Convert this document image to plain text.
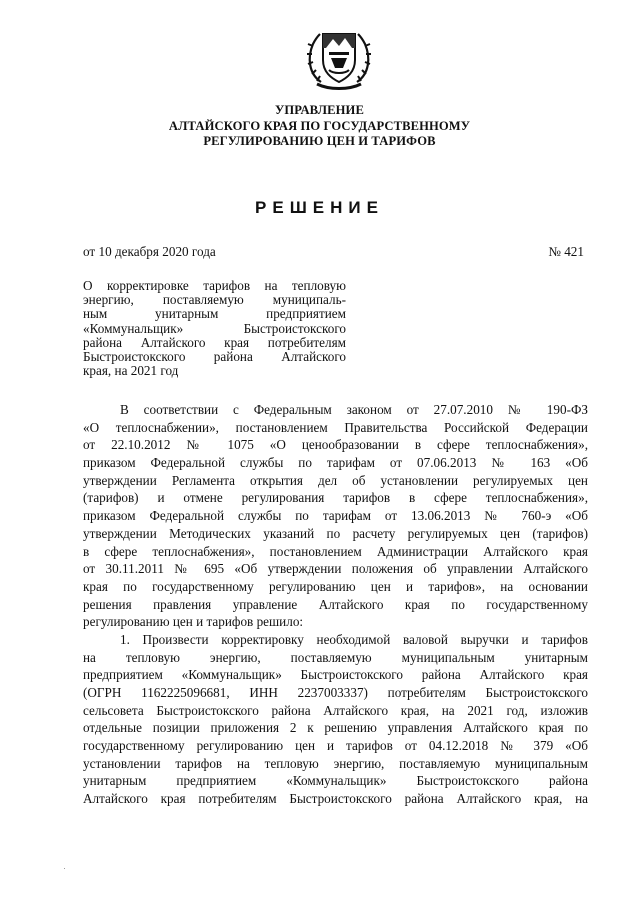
УПРАВЛЕНИЕ
АЛТАЙСКОГО КРАЯ ПО ГОСУДАРСТВЕННОМУ
РЕГУЛИРОВАНИЮ ЦЕН И ТАРИФОВ
РЕШЕНИЕ
от 10 декабря 2020 года	№ 421
О корректировке тарифов на тепловую
энергию, поставляемую муниципаль-
ным унитарным предприятием
«Коммунальщик» Быстроистокского
района Алтайского края потребителям
Быстроистокского района Алтайского
края, на 2021 год
В соответствии с Федеральным законом от 27.07.2010 № 190-ФЗ
«О теплоснабжении», постановлением Правительства Российской Федерации
от 22.10.2012 № 1075 «О ценообразовании в сфере теплоснабжения»,
приказом Федеральной службы по тарифам от 07.06.2013 № 163 «Об
утверждении Регламента открытия дел об установлении регулируемых цен
(тарифов) и отмене регулирования тарифов в сфере теплоснабжения»,
приказом Федеральной службы по тарифам от 13.06.2013 № 760-э «Об
утверждении Методических указаний по расчету регулируемых цен (тарифов)
в сфере теплоснабжения», постановлением Администрации Алтайского края
от 30.11.2011 № 695 «Об утверждении положения об управлении Алтайского
края по государственному регулированию цен и тарифов», на основании
решения правления управление Алтайского края по государственному
регулированию цен и тарифов решило:
1. Произвести корректировку необходимой валовой выручки и тарифов
на тепловую энергию, поставляемую муниципальным унитарным
предприятием «Коммунальщик» Быстроистокского района Алтайского края
(ОГРН 1162225096681, ИНН 2237003337) потребителям Быстроистокского
сельсовета Быстроистокского района Алтайского края, на 2021 год, изложив
отдельные позиции приложения 2 к решению управления Алтайского края по
государственному регулированию цен и тарифов от 04.12.2018 № 379 «Об
установлении тарифов на тепловую энергию, поставляемую муниципальным
унитарным предприятием «Коммунальщик» Быстроистокского района
Алтайского края потребителям Быстроистокского района Алтайского края, на
